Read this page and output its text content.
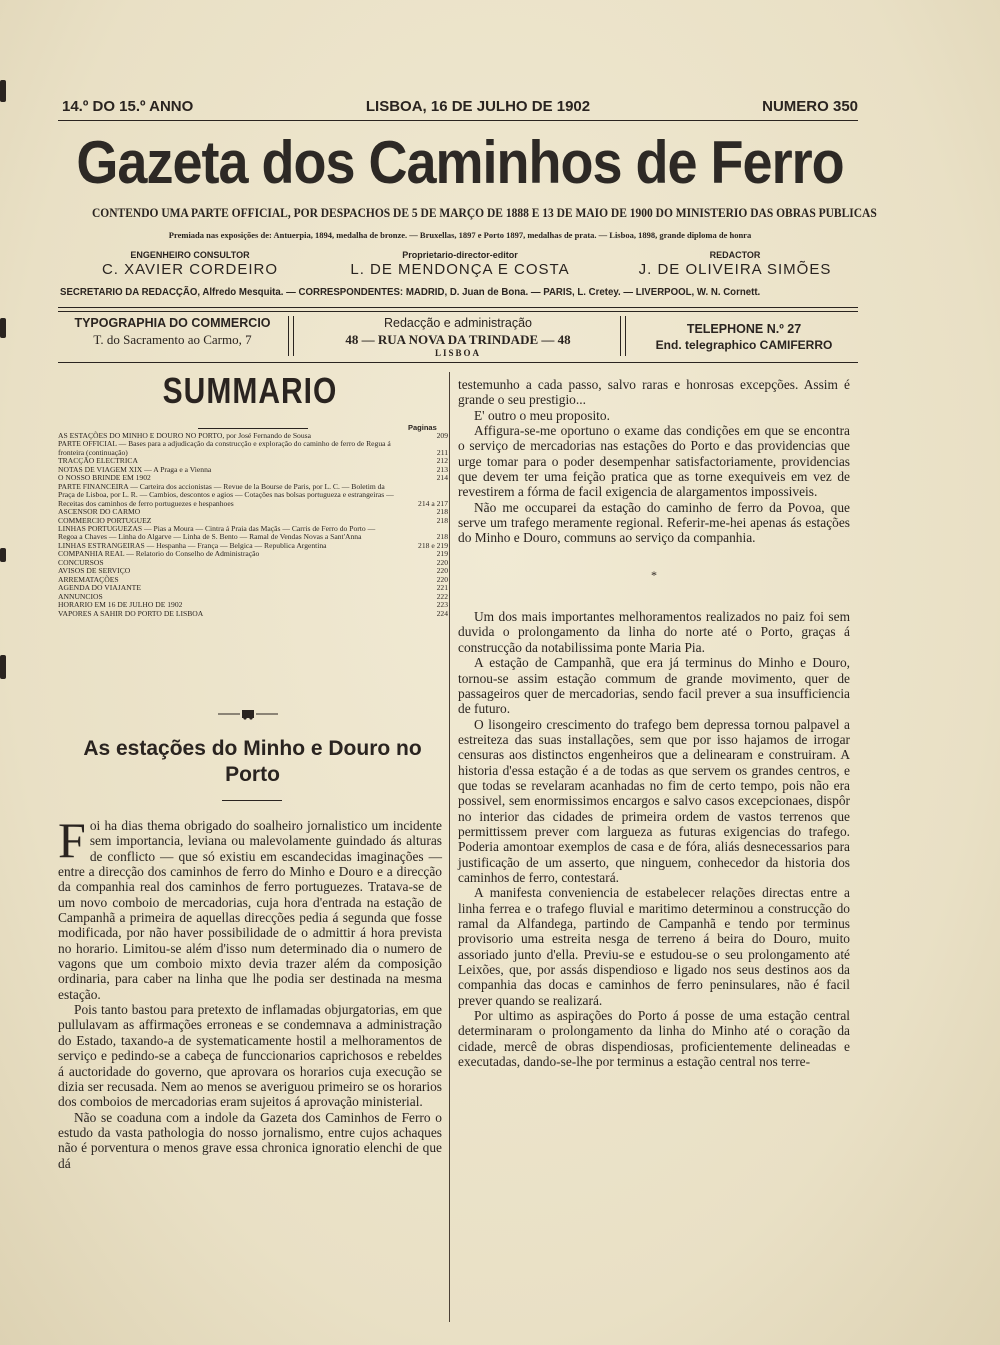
14.º DO 15.º ANNO	LISBOA, 16 DE JULHO DE 1902	NUMERO 350
Gazeta dos Caminhos de Ferro
CONTENDO UMA PARTE OFFICIAL, POR DESPACHOS DE 5 DE MARÇO DE 1888 E 13 DE MAIO DE 1900 DO MINISTERIO DAS OBRAS PUBLICAS
Premiada nas exposições de: Antuerpia, 1894, medalha de bronze. — Bruxellas, 1897 e Porto 1897, medalhas de prata. — Lisboa, 1898, grande diploma de honra
ENGENHEIRO CONSULTOR
C. XAVIER CORDEIRO
Proprietario-director-editor
L. DE MENDONÇA E COSTA
REDACTOR
J. DE OLIVEIRA SIMÕES
SECRETARIO DA REDACÇÃO, Alfredo Mesquita. — CORRESPONDENTES: MADRID, D. Juan de Bona. — PARIS, L. Cretey. — LIVERPOOL, W. N. Cornett.
TYPOGRAPHIA DO COMMERCIO
T. do Sacramento ao Carmo, 7
Redacção e administração
48 — RUA NOVA DA TRINDADE — 48
LISBOA
TELEPHONE N.º 27
End. telegraphico CAMIFERRO
SUMMARIO
Paginas
AS ESTAÇÕES DO MINHO E DOURO NO PORTO, por José Fernando de Sousa	209
PARTE OFFICIAL — Bases para a adjudicação da construcção e exploração do caminho de ferro de Regua á fronteira (continuação)	211
TRACÇÃO ELECTRICA	212
NOTAS DE VIAGEM XIX — A Praga e a Vienna	213
O NOSSO BRINDE EM 1902	214
PARTE FINANCEIRA — Carteira dos accionistas — Revue de la Bourse de Paris, por L. C. — Boletim da Praça de Lisboa, por L. R. — Cambios, descontos e agios — Cotações nas bolsas portugueza e estrangeiras — Receitas dos caminhos de ferro portuguezes e hespanhoes	214 a 217
ASCENSOR DO CARMO	218
COMMERCIO PORTUGUEZ	218
LINHAS PORTUGUEZAS — Pias a Moura — Cintra á Praia das Maçãs — Carris de Ferro do Porto — Regoa a Chaves — Linha do Algarve — Linha de S. Bento — Ramal de Vendas Novas a Sant'Anna	218
LINHAS ESTRANGEIRAS — Hespanha — França — Belgica — Republica Argentina	218 e 219
COMPANHIA REAL — Relatorio do Conselho de Administração	219
CONCURSOS	220
AVISOS DE SERVIÇO	220
ARREMATAÇÕES	220
AGENDA DO VIAJANTE	221
ANNUNCIOS	222
HORARIO EM 16 DE JULHO DE 1902	223
VAPORES A SAHIR DO PORTO DE LISBOA	224
As estações do Minho e Douro no Porto

Foi ha dias thema obrigado do soalheiro jornalistico um incidente sem importancia, leviana ou malevolamente guindado ás alturas de conflicto — que só existiu em escandecidas imaginações — entre a direcção dos caminhos de ferro do Minho e Douro e a direcção da companhia real dos caminhos de ferro portuguezes. Tratava-se de um novo comboio de mercadorias, cuja hora d'entrada na estação de Campanhã a primeira de aquellas direcções pedia á segunda que fosse modificada, por não haver possibilidade de o admittir á hora prevista no horario. Limitou-se além d'isso num determinado dia o numero de vagons que um comboio mixto devia trazer além da composição ordinaria, para caber na linha que lhe podia ser destinada na mesma estação.

Pois tanto bastou para pretexto de inflamadas objurgatorias, em que pullulavam as affirmações erroneas e se condemnava a administração do Estado, taxando-a de systematicamente hostil a melhoramentos de serviço e pedindo-se a cabeça de funccionarios caprichosos e rebeldes á auctoridade do governo, que aprovara os horarios cuja execução se dizia ser recusada. Nem ao menos se averiguou primeiro se os horarios dos comboios de mercadorias eram sujeitos á aprovação ministerial.

Não se coaduna com a indole da Gazeta dos Caminhos de Ferro o estudo da vasta pathologia do nosso jornalismo, entre cujos achaques não é porventura o menos grave essa chronica ignoratio elenchi de que dá

testemunho a cada passo, salvo raras e honrosas excepções. Assim é grande o seu prestigio...

E' outro o meu proposito.

Affigura-se-me oportuno o exame das condições em que se encontra o serviço de mercadorias nas estações do Porto e das providencias que urge tomar para o poder desempenhar satisfactoriamente, providencias que devem ter uma feição pratica que as torne exequiveis em vez de revestirem a fórma de facil exigencia de alargamentos impossiveis.

Não me occuparei da estação do caminho de ferro da Povoa, que serve um trafego meramente regional. Referir-me-hei apenas ás estações do Minho e Douro, communs ao serviço da companhia.

*

Um dos mais importantes melhoramentos realizados no paiz foi sem duvida o prolongamento da linha do norte até o Porto, graças á construcção da notabilissima ponte Maria Pia.

A estação de Campanhã, que era já terminus do Minho e Douro, tornou-se assim estação commum de grande movimento, quer de passageiros quer de mercadorias, sendo facil prever a sua insufficiencia de futuro.

O lisongeiro crescimento do trafego bem depressa tornou palpavel a estreiteza das suas installações, sem que por isso hajamos de irrogar censuras aos distinctos engenheiros que a delinearam e construiram. A historia d'essa estação é a de todas as que servem os grandes centros, e que todas se revelaram acanhadas no fim de certo tempo, pois não era possivel, sem enormissimos encargos e salvo casos excepcionaes, dispôr no interior das cidades de primeira ordem de vastos terrenos que permittissem prever com largueza as futuras exigencias do trafego. Poderia amontoar exemplos de casa e de fóra, aliás desnecessarios para justificação de um asserto, que ninguem, conhecedor da historia dos caminhos de ferro, contestará.

A manifesta conveniencia de estabelecer relações directas entre a linha ferrea e o trafego fluvial e maritimo determinou a construcção do ramal da Alfandega, partindo de Campanhã e tendo por terminus provisorio uma estreita nesga de terreno á beira do Douro, muito assoriado junto d'ella. Previu-se e estudou-se o seu prolongamento até Leixões, que, por assás dispendioso e ligado nos seus destinos aos da companhia das docas e caminhos de ferro peninsulares, não é facil prever quando se realizará.

Por ultimo as aspirações do Porto á posse de uma estação central determinaram o prolongamento da linha do Minho até o coração da cidade, mercê de obras dispendiosas, proficientemente delineadas e executadas, dando-se-lhe por terminus a estação central nos terre-
